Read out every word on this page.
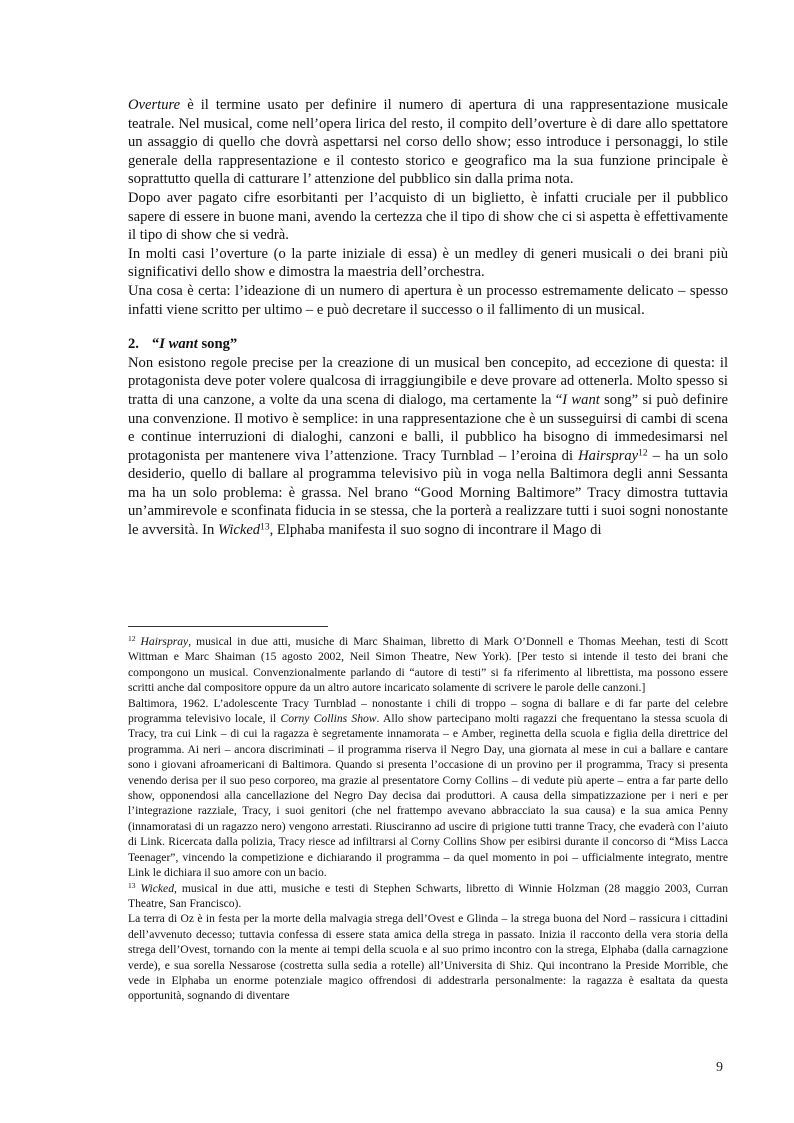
Overture è il termine usato per definire il numero di apertura di una rappresentazione musicale teatrale. Nel musical, come nell’opera lirica del resto, il compito dell’overture è di dare allo spettatore un assaggio di quello che dovrà aspettarsi nel corso dello show; esso introduce i personaggi, lo stile generale della rappresentazione e il contesto storico e geografico ma la sua funzione principale è soprattutto quella di catturare l’ attenzione del pubblico sin dalla prima nota.

Dopo aver pagato cifre esorbitanti per l’acquisto di un biglietto, è infatti cruciale per il pubblico sapere di essere in buone mani, avendo la certezza che il tipo di show che ci si aspetta è effettivamente il tipo di show che si vedrà.

In molti casi l’overture (o la parte iniziale di essa) è un medley di generi musicali o dei brani più significativi dello show e dimostra la maestria dell’orchestra.

Una cosa è certa: l’ideazione di un numero di apertura è un processo estremamente delicato – spesso infatti viene scritto per ultimo – e può decretare il successo o il fallimento di un musical.

2. “I want song”

Non esistono regole precise per la creazione di un musical ben concepito, ad eccezione di questa: il protagonista deve poter volere qualcosa di irraggiungibile e deve provare ad ottenerla. Molto spesso si tratta di una canzone, a volte da una scena di dialogo, ma certamente la “I want song” si può definire una convenzione. Il motivo è semplice: in una rappresentazione che è un susseguirsi di cambi di scena e continue interruzioni di dialoghi, canzoni e balli, il pubblico ha bisogno di immedesimarsi nel protagonista per mantenere viva l’attenzione. Tracy Turnblad – l’eroina di Hairspray$^{12}$ – ha un solo desiderio, quello di ballare al programma televisivo più in voga nella Baltimora degli anni Sessanta ma ha un solo problema: è grassa. Nel brano “Good Morning Baltimore” Tracy dimostra tuttavia un’ammirevole e sconfinata fiducia in se stessa, che la porterà a realizzare tutti i suoi sogni nonostante le avversità. In Wicked$^{13}$, Elphaba manifesta il suo sogno di incontrare il Mago di

$^{12}$ Hairspray, musical in due atti, musiche di Marc Shaiman, libretto di Mark O’Donnell e Thomas Meehan, testi di Scott Wittman e Marc Shaiman (15 agosto 2002, Neil Simon Theatre, New York). [Per testo si intende il testo dei brani che compongono un musical. Convenzionalmente parlando di “autore di testi” si fa riferimento al librettista, ma possono essere scritti anche dal compositore oppure da un altro autore incaricato solamente di scrivere le parole delle canzoni.]

Baltimora, 1962. L’adolescente Tracy Turnblad – nonostante i chili di troppo – sogna di ballare e di far parte del celebre programma televisivo locale, il Corny Collins Show. Allo show partecipano molti ragazzi che frequentano la stessa scuola di Tracy, tra cui Link – di cui la ragazza è segretamente innamorata – e Amber, reginetta della scuola e figlia della direttrice del programma. Ai neri – ancora discriminati – il programma riserva il Negro Day, una giornata al mese in cui a ballare e cantare sono i giovani afroamericani di Baltimora. Quando si presenta l’occasione di un provino per il programma, Tracy si presenta venendo derisa per il suo peso corporeo, ma grazie al presentatore Corny Collins – di vedute più aperte – entra a far parte dello show, opponendosi alla cancellazione del Negro Day decisa dai produttori. A causa della simpatizzazione per i neri e per l’integrazione razziale, Tracy, i suoi genitori (che nel frattempo avevano abbracciato la sua causa) e la sua amica Penny (innamoratasi di un ragazzo nero) vengono arrestati. Riusciranno ad uscire di prigione tutti tranne Tracy, che evaderà con l’aiuto di Link. Ricercata dalla polizia, Tracy riesce ad infiltrarsi al Corny Collins Show per esibirsi durante il concorso di “Miss Lacca Teenager”, vincendo la competizione e dichiarando il programma – da quel momento in poi – ufficialmente integrato, mentre Link le dichiara il suo amore con un bacio.

$^{13}$ Wicked, musical in due atti, musiche e testi di Stephen Schwarts, libretto di Winnie Holzman (28 maggio 2003, Curran Theatre, San Francisco).

La terra di Oz è in festa per la morte della malvagia strega dell’Ovest e Glinda – la strega buona del Nord – rassicura i cittadini dell’avvenuto decesso; tuttavia confessa di essere stata amica della strega in passato. Inizia il racconto della vera storia della strega dell’Ovest, tornando con la mente ai tempi della scuola e al suo primo incontro con la strega, Elphaba (dalla carnagzione verde), e sua sorella Nessarose (costretta sulla sedia a rotelle) all’Universita di Shiz. Qui incontrano la Preside Morrible, che vede in Elphaba un enorme potenziale magico offrendosi di addestrarla personalmente: la ragazza è esaltata da questa opportunità, sognando di diventare

9
